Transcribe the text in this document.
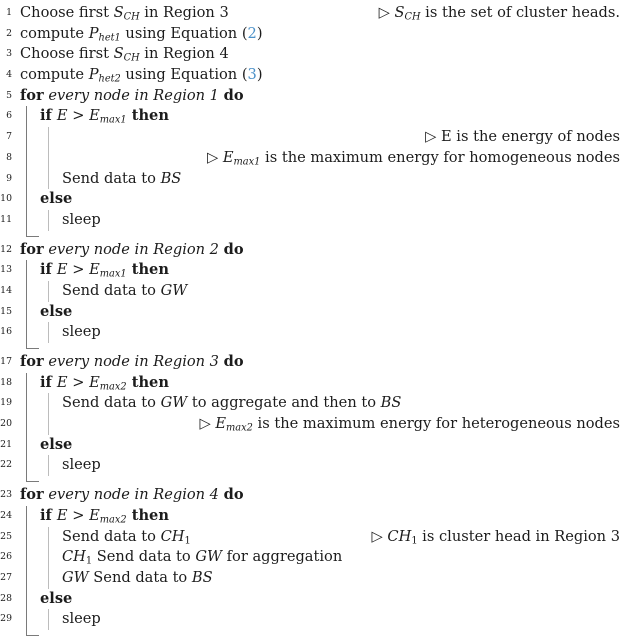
1 Choose first SCH in Region 3	▷ SCH is the set of cluster heads.
2 compute Phet1 using Equation (2)
3 Choose first SCH in Region 4
4 compute Phet2 using Equation (3)
5 for every node in Region 1 do
6 if E > Emax1 then
7	▷ E is the energy of nodes
8	▷ Emax1 is the maximum energy for homogeneous nodes
9	Send data to BS
10 else
11	sleep
12 for every node in Region 2 do
13 if E > Emax1 then
14	Send data to GW
15 else
16	sleep
17 for every node in Region 3 do
18 if E > Emax2 then
19	Send data to GW to aggregate and then to BS
20	▷ Emax2 is the maximum energy for heterogeneous nodes
21 else
22	sleep
23 for every node in Region 4 do
24 if E > Emax2 then
25	Send data to CH1	▷ CH1 is cluster head in Region 3
26	CH1 Send data to GW for aggregation
27	GW Send data to BS
28 else
29	sleep
